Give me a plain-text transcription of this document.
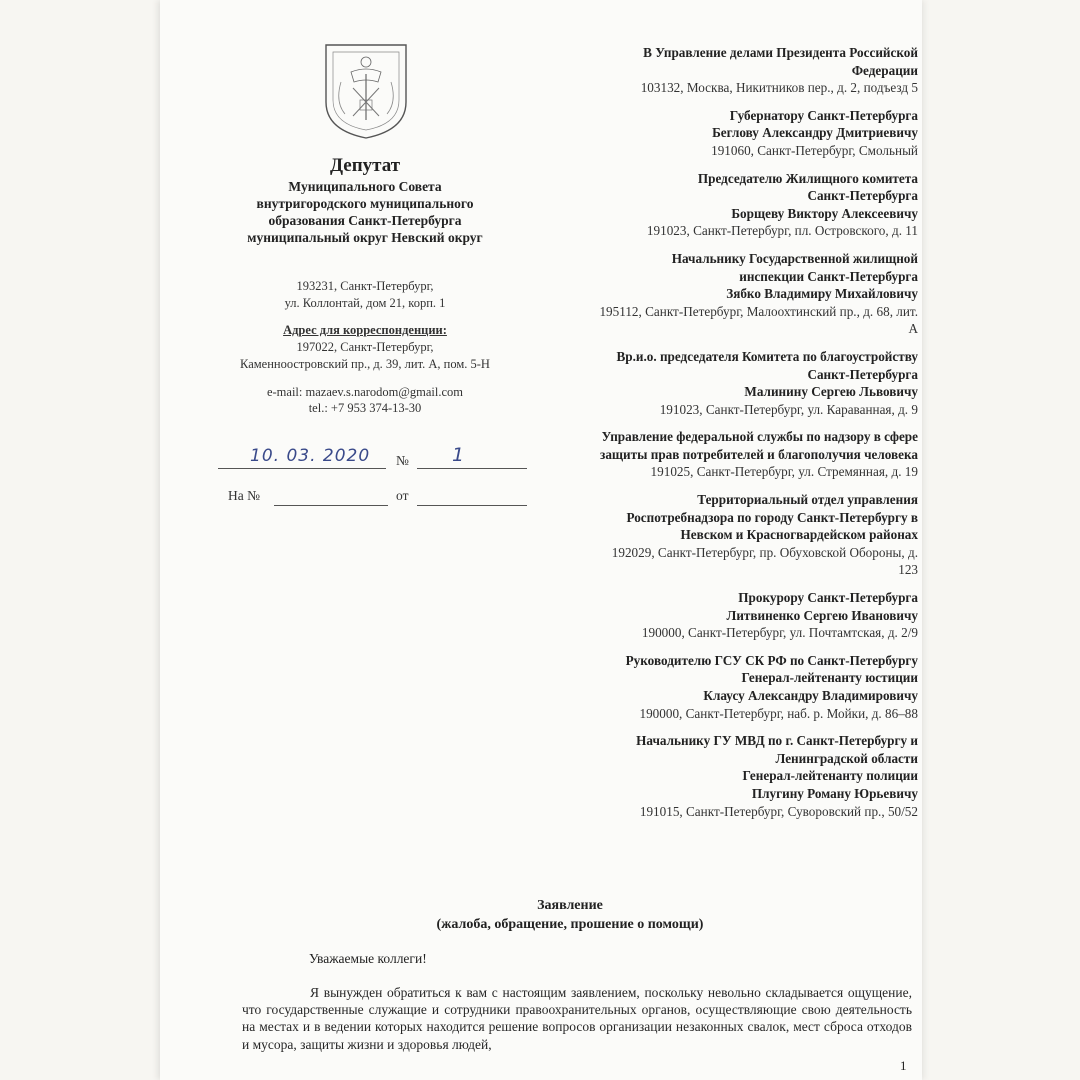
Депутат
Муниципального Совета
внутригородского муниципального
образования Санкт-Петербурга
муниципальный округ Невский округ
193231, Санкт-Петербург,
ул. Коллонтай, дом 21, корп. 1
Адрес для корреспонденции:
197022, Санкт-Петербург,
Каменноостровский пр., д. 39, лит. А, пом. 5-Н
e-mail: mazaev.s.narodom@gmail.com
tel.: +7 953 374-13-30
10. 03. 2020 № 1
На №	от
В Управление делами Президента Российской
Федерации
103132, Москва, Никитников пер., д. 2, подъезд 5
Губернатору Санкт-Петербурга
Беглову Александру Дмитриевичу
191060, Санкт-Петербург, Смольный
Председателю Жилищного комитета
Санкт-Петербурга
Борщеву Виктору Алексеевичу
191023, Санкт-Петербург, пл. Островского, д. 11
Начальнику Государственной жилищной
инспекции Санкт-Петербурга
Зябко Владимиру Михайловичу
195112, Санкт-Петербург, Малоохтинский пр., д. 68, лит.
А
Вр.и.о. председателя Комитета по благоустройству
Санкт-Петербурга
Малинину Сергею Львовичу
191023, Санкт-Петербург, ул. Караванная, д. 9
Управление федеральной службы по надзору в сфере
защиты прав потребителей и благополучия человека
191025, Санкт-Петербург, ул. Стремянная, д. 19
Территориальный отдел управления
Роспотребнадзора по городу Санкт-Петербургу в
Невском и Красногвардейском районах
192029, Санкт-Петербург, пр. Обуховской Обороны, д.
123
Прокурору Санкт-Петербурга
Литвиненко Сергею Ивановичу
190000, Санкт-Петербург, ул. Почтамтская, д. 2/9
Руководителю ГСУ СК РФ по Санкт-Петербургу
Генерал-лейтенанту юстиции
Клаусу Александру Владимировичу
190000, Санкт-Петербург, наб. р. Мойки, д. 86–88
Начальнику ГУ МВД по г. Санкт-Петербургу и
Ленинградской области
Генерал-лейтенанту полиции
Плугину Роману Юрьевичу
191015, Санкт-Петербург, Суворовский пр., 50/52
Заявление
(жалоба, обращение, прошение о помощи)
Уважаемые коллеги!
Я вынужден обратиться к вам с настоящим заявлением, поскольку невольно складывается ощущение, что государственные служащие и сотрудники правоохранительных органов, осуществляющие свою деятельность на местах и в ведении которых находится решение вопросов организации незаконных свалок, мест сброса отходов и мусора, защиты жизни и здоровья людей,
1
